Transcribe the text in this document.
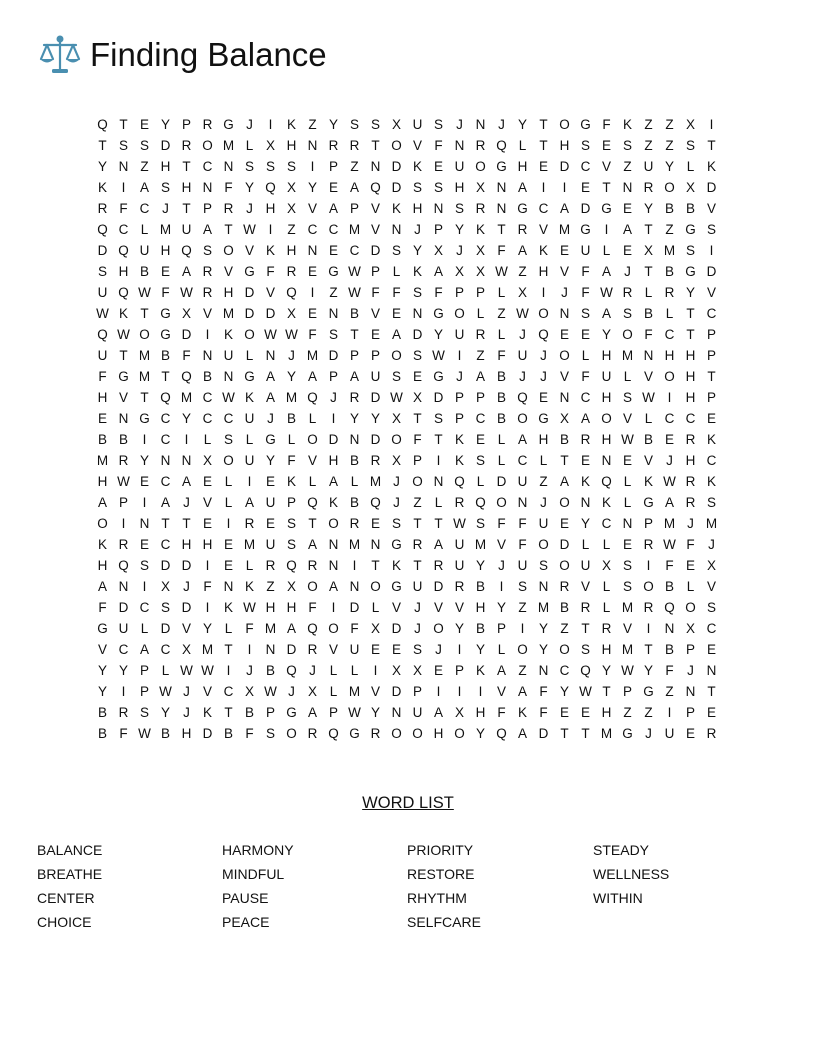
Finding Balance
Q T E Y P R G J	I	K Z Y S S X U S J N J Y T O G F K Z Z X	I
T S S D R O M L X H N R R T O V F N R Q L T H S E S Z Z S T
Y N Z H T C N S S S	I	P Z N D K E U O G H E D C V Z U Y L K
K	I	A S H N F Y Q X Y E A Q D S S H X N A	I	I	E T N R O X D
R F C J	T P R J H X V A P V K H N S R N G C A D G E Y B B V
Q C L M U A T W I	Z C C M V N J P Y K T R V M G	I	A T Z G S
D Q U H Q S O V K H N E C D S Y X J X F A K E U L E X M S	I
S H B E A R V G F R E G W P L K A X X W Z H V F A J	T B G D
U Q W F W R H D V Q	I	Z W F F S F P P L X	I	J	F W R L R Y V
W K T G X V M D D X E N B V E N G O L Z W O N S A S B L T C
Q W O G D	I	K O W W F S T E A D Y U R L	J Q E E Y O F C T P
U T M B F N U L N J M D P P O S W I	Z F U J O L H M N H H P
F G M T Q B N G A Y A P A U S E G J A B J	J V F U L V O H T
H V T Q M C W K A M Q J R D W X D P P B Q E N C H S W I	H P
E N G C Y C C U J B L	I	Y Y X T S P C B O G X A O V L C C E
B B	I	C	I	L S L G L O D N D O F T K E L A H B R H W B E R K
M R Y N N X O U Y F V H B R X P	I	K S L C L T E N E V J H C
H W E C A E L	I	E K L A L M J O N Q L D U Z A K Q L K W R K
A P	I	A J V L A U P Q K B Q J	Z L R Q O N J O N K L G A R S
O	I	N T T E	I	R E S T O R E S T T W S F F U E Y C N P M J M
K R E C H H E M U S A N M N G R A U M V F O D L L E R W F	J
H Q S D D	I	E L R Q R N	I	T K T R U Y J U S O U X S	I	F E X
A N	I	X J	F N K Z X O A N O G U D R B	I	S N R V L S O B L V
F D C S D	I	K W H H F	I	D L V J V V H Y Z M B R L M R Q O S
G U L D V Y L F M A Q O F X D J O Y B P	I	Y Z T R V	I	N X C
V C A C X M T	I	N D R V U E E S J	I	Y L O Y O S H M T B P E
Y Y P L W W I	J B Q J	L L	I	X X E P K A Z N C Q Y W Y F	J N
Y	I	P W J V C X W J X L M V D P	I	I	I	V A F Y W T P G Z N T
B R S Y J K T B P G A P W Y N U A X H F K F E E H Z Z	I	P E
B F W B H D B F S O R Q G R O O H O Y Q A D T T M G J U E R
WORD LIST
BALANCE
BREATHE
CENTER
CHOICE
HARMONY
MINDFUL
PAUSE
PEACE
PRIORITY
RESTORE
RHYTHM
SELFCARE
STEADY
WELLNESS
WITHIN
